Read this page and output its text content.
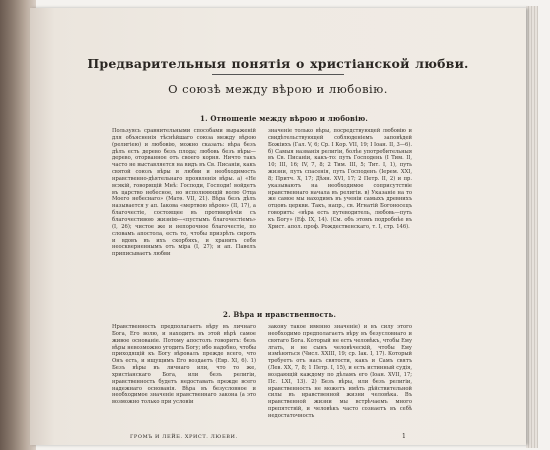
Предварительныя понятія о христіанской любви.
О союзѣ между вѣрою и любовію.
1. Отношеніе между вѣрою и любовію.

Пользуясь сравнительными способами выраженій для объясненія тѣснѣйшаго союза между вѣрою (религіею) и любовію, можно сказать: вѣра безъ дѣлъ есть дерево безъ плода; любовь безъ вѣры—дерево, оторванное отъ своего корня. Ничто такъ часто не выставляется на видъ въ Св. Писаніи, какъ святой союзъ вѣры и любви и необходимость нравственно-дѣятельнаго проявленія вѣры. а) «Не всякій, говорящій Мнѣ: Господи, Господи! войдетъ въ царство небесное, но исполняющій волю Отца Моего небеснаго» (Матѳ. VII, 21). Вѣра безъ дѣлъ называется у ап. Іакова «мертвою вѣрою» (II, 17), а благочестіе, состоящее въ противорѣчіи съ благочестивою жизнію—«пустымъ благочестіемъ» (I, 26); чистое же и непорочное благочестіе, по словамъ апостола, есть то, чтобы призрѣть сиротъ и вдовъ въ ихъ скорбяхъ, и хранить себя неоскверненнымъ отъ міра (I, 27); и ап. Павелъ приписываетъ любви

значеніе только вѣры, посредствующей любовію и свидѣтельствующей соблюденіемъ заповѣдей Божіихъ (Гал. V, 6; Ср. I Кор. VII, 19; I Іоан. II, 3—6). б) Самыя названія религіи, болѣе употребительныя въ Св. Писаніи, какъ-то: путь Господень (І Тим. II, 10; III, 16; IV, 7, 8; 2 Тим. III, 5; Тит. I, 1), путь жизни, путь спасенія, путь Господенъ (Іерем. XXI, 8; Притч. X, 17; Дѣян. XVI, 17; 2 Петр. II, 2) и пр. указываютъ на необходимое соприсутствіе нравственнаго начала въ религіи. в) Указаніе на то же самое мы находимъ въ ученіи самыхъ древнихъ отцовъ церкви. Такъ, напр., св. Игнатій Богоносецъ говоритъ: «вѣра есть путеводитель, любовь—путь къ Богу» (Еф. IX, 14). (См. объ этомъ подробнѣе въ Христ. апол. проф. Рождественскаго, т. I, стр. 146).

2. Вѣра и нравственность.

Нравственность предполагаетъ вѣру въ личнаго Бога, Его волю, и находитъ въ этой вѣрѣ самое живое основаніе. Потому апостолъ говоритъ: безъ вѣры невозможно угодить Богу; ибо надобно, чтобы приходящій къ Богу вѣровалъ прежде всего, что Онъ есть, и ищущимъ Его воздаетъ (Евр. XI, 6). 1) Безъ вѣры въ личнаго или, что то же, христіанскаго Бога, или безъ религіи, нравственность будетъ недоставать прежде всего надежнаго основанія. Вѣра въ безусловное и необходимое значеніе нравственнаго закона (а это возможно только при условіи

закону такое именно значеніе) и въ силу этого необходимо предполагаетъ вѣру въ безусловнаго и святаго Бога. Который не есть человѣкъ, чтобы Ему лгать, и не сынъ человѣческій, чтобы Ему измѣняться (Числ. XXIII, 19; ср. Іак. I, 17). Который требуетъ отъ насъ святости, какъ и Самъ святъ (Лев. XX, 7, 8; 1 Петр. I, 15), и есть истинный судія, воздающій каждому по дѣламъ его (Іоан. XVII, 17; Пс. LXI, 13). 2) Безъ вѣры, или безъ религіи, нравственность не можетъ имѣть дѣйствительной силы въ нравственной жизни человѣка. Въ нравственной жизни мы встрѣчаемъ много препятствій, и человѣкъ часто сознаетъ въ себѣ недостаточность

ГРОМЪ И ЛЕЙБ. ХРИСТ. ЛЮБВИ.	1
